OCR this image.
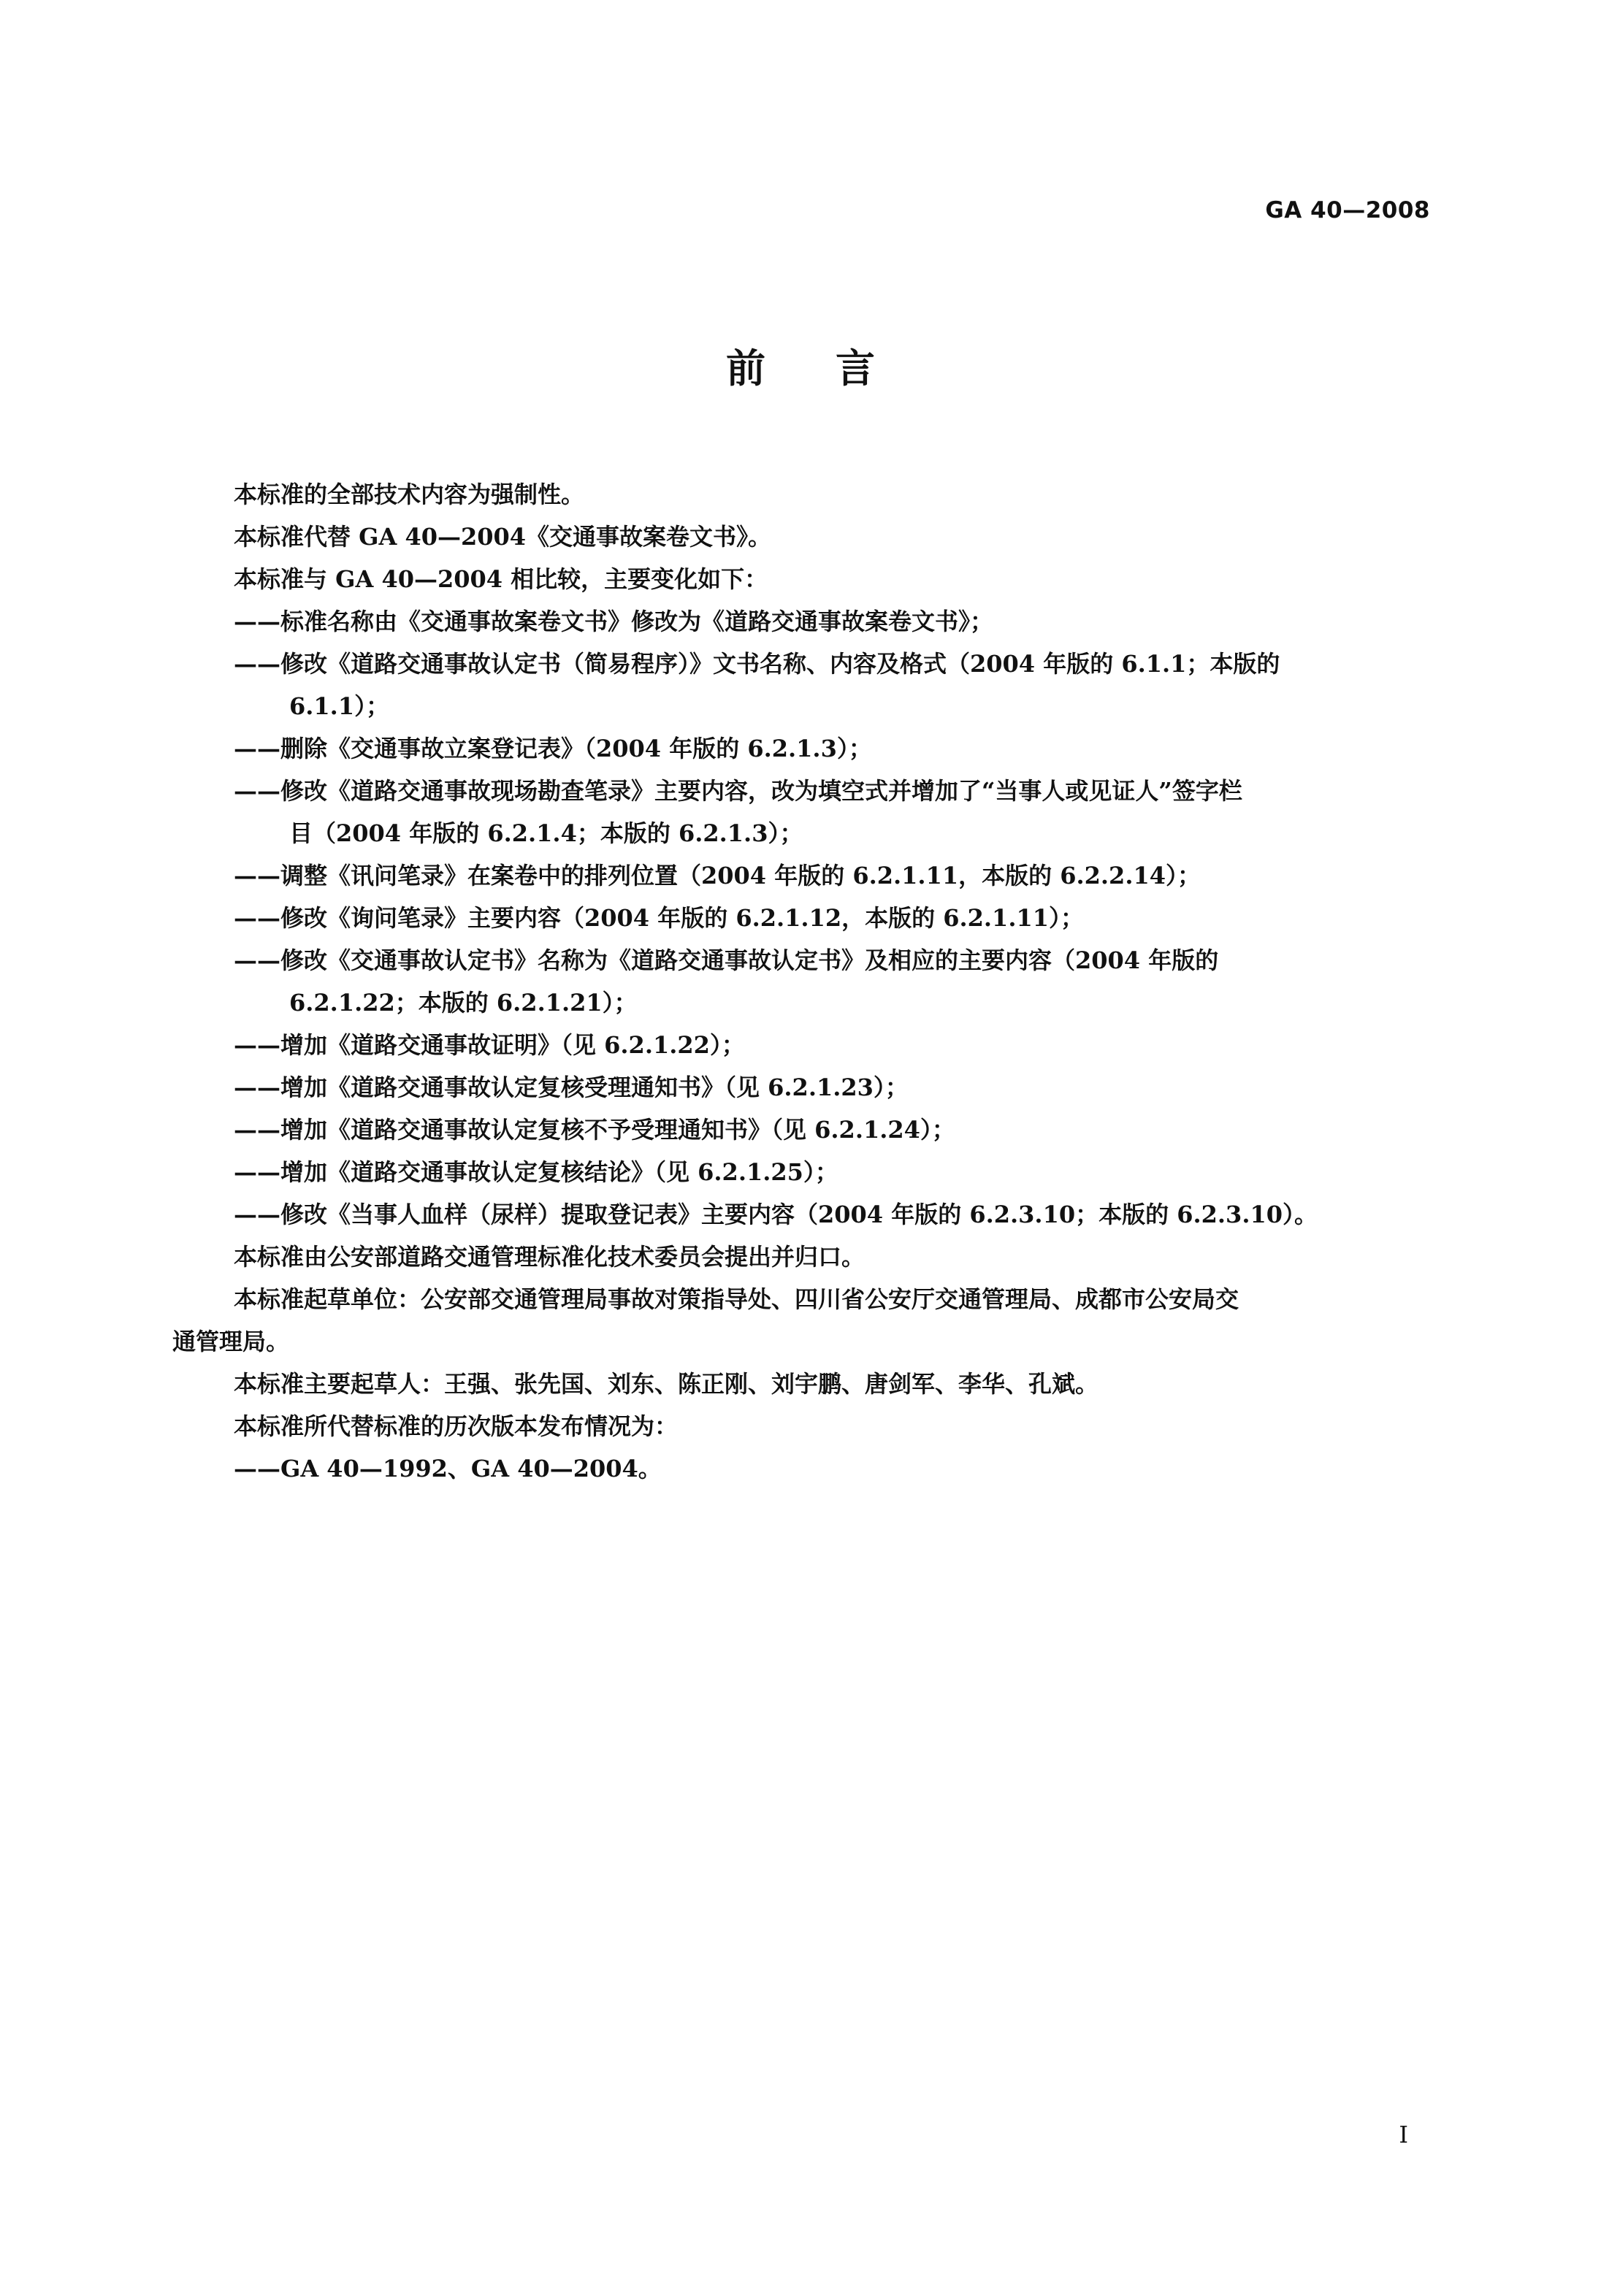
GA 40—2008
前言

本标准的全部技术内容为强制性。

本标准代替 GA 40—2004《交通事故案卷文书》。

本标准与 GA 40—2004 相比较，主要变化如下：

——标准名称由《交通事故案卷文书》修改为《道路交通事故案卷文书》；

——修改《道路交通事故认定书（简易程序）》文书名称、内容及格式（2004 年版的 6.1.1；本版的

6.1.1）；

——删除《交通事故立案登记表》（2004 年版的 6.2.1.3）；

——修改《道路交通事故现场勘查笔录》主要内容，改为填空式并增加了“当事人或见证人”签字栏

目（2004 年版的 6.2.1.4；本版的 6.2.1.3）；

——调整《讯问笔录》在案卷中的排列位置（2004 年版的 6.2.1.11，本版的 6.2.2.14）；

——修改《询问笔录》主要内容（2004 年版的 6.2.1.12，本版的 6.2.1.11）；

——修改《交通事故认定书》名称为《道路交通事故认定书》及相应的主要内容（2004 年版的

6.2.1.22；本版的 6.2.1.21）；

——增加《道路交通事故证明》（见 6.2.1.22）；

——增加《道路交通事故认定复核受理通知书》（见 6.2.1.23）；

——增加《道路交通事故认定复核不予受理通知书》（见 6.2.1.24）；

——增加《道路交通事故认定复核结论》（见 6.2.1.25）；

——修改《当事人血样（尿样）提取登记表》主要内容（2004 年版的 6.2.3.10；本版的 6.2.3.10）。

本标准由公安部道路交通管理标准化技术委员会提出并归口。

本标准起草单位：公安部交通管理局事故对策指导处、四川省公安厅交通管理局、成都市公安局交

通管理局。

本标准主要起草人：王强、张先国、刘东、陈正刚、刘宇鹏、唐剑军、李华、孔斌。

本标准所代替标准的历次版本发布情况为：

——GA 40—1992、GA 40—2004。

I
